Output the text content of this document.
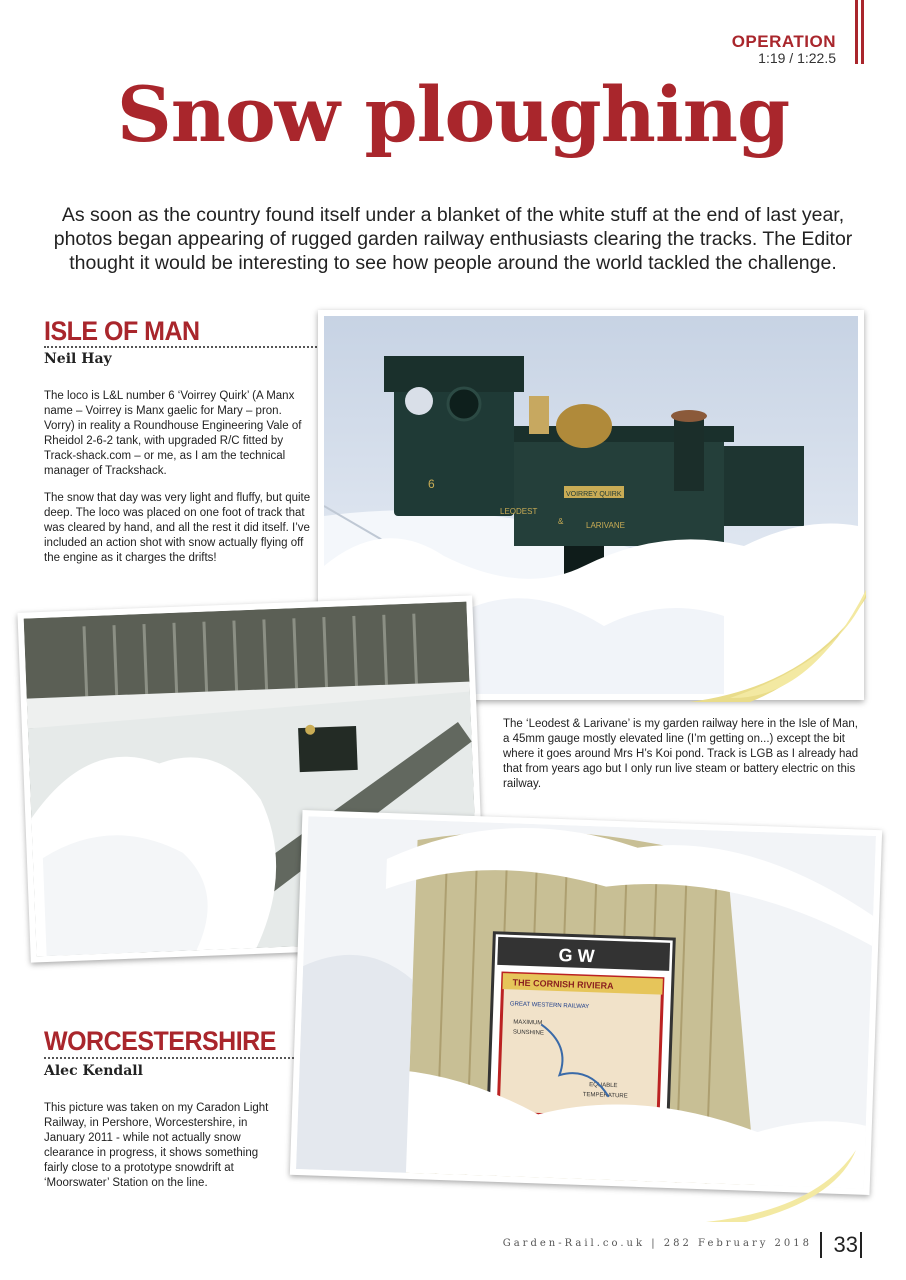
OPERATION
1:19 / 1:22.5
Snow ploughing
As soon as the country found itself under a blanket of the white stuff at the end of last year, photos began appearing of rugged garden railway enthusiasts clearing the tracks. The Editor thought it would be interesting to see how people around the world tackled the challenge.
ISLE OF MAN
Neil Hay

The loco is L&L number 6 ‘Voirrey Quirk’ (A Manx name – Voirrey is Manx gaelic for Mary – pron. Vorry) in reality a Roundhouse Engineering Vale of Rheidol 2-6-2 tank, with upgraded R/C fitted by Track-shack.com – or me, as I am the technical manager of Trackshack.

The snow that day was very light and fluffy, but quite deep. The loco was placed on one foot of track that was cleared by hand, and all the rest it did itself. I’ve included an action shot with snow actually flying off the engine as it charges the drifts!

VOIRREY QUIRK
6
LEODEST
&	LARIVANE
The ‘Leodest & Larivane’ is my garden railway here in the Isle of Man, a 45mm gauge mostly elevated line (I’m getting on...) except the bit where it goes around Mrs H’s Koi pond. Track is LGB as I already had that from years ago but I only run live steam or battery electric on this railway.
G W
THE CORNISH RIVIERA
GREAT WESTERN RAILWAY
MAXIMUM
SUNSHINE
EQUABLE
TEMPERATURE
WORCESTERSHIRE
Alec Kendall

This picture was taken on my Caradon Light Railway, in Pershore, Worcestershire, in January 2011 - while not actually snow clearance in progress, it shows something fairly close to a prototype snowdrift at ‘Moorswater’ Station on the line.

Garden-Rail.co.uk | 282 February 2018 33
